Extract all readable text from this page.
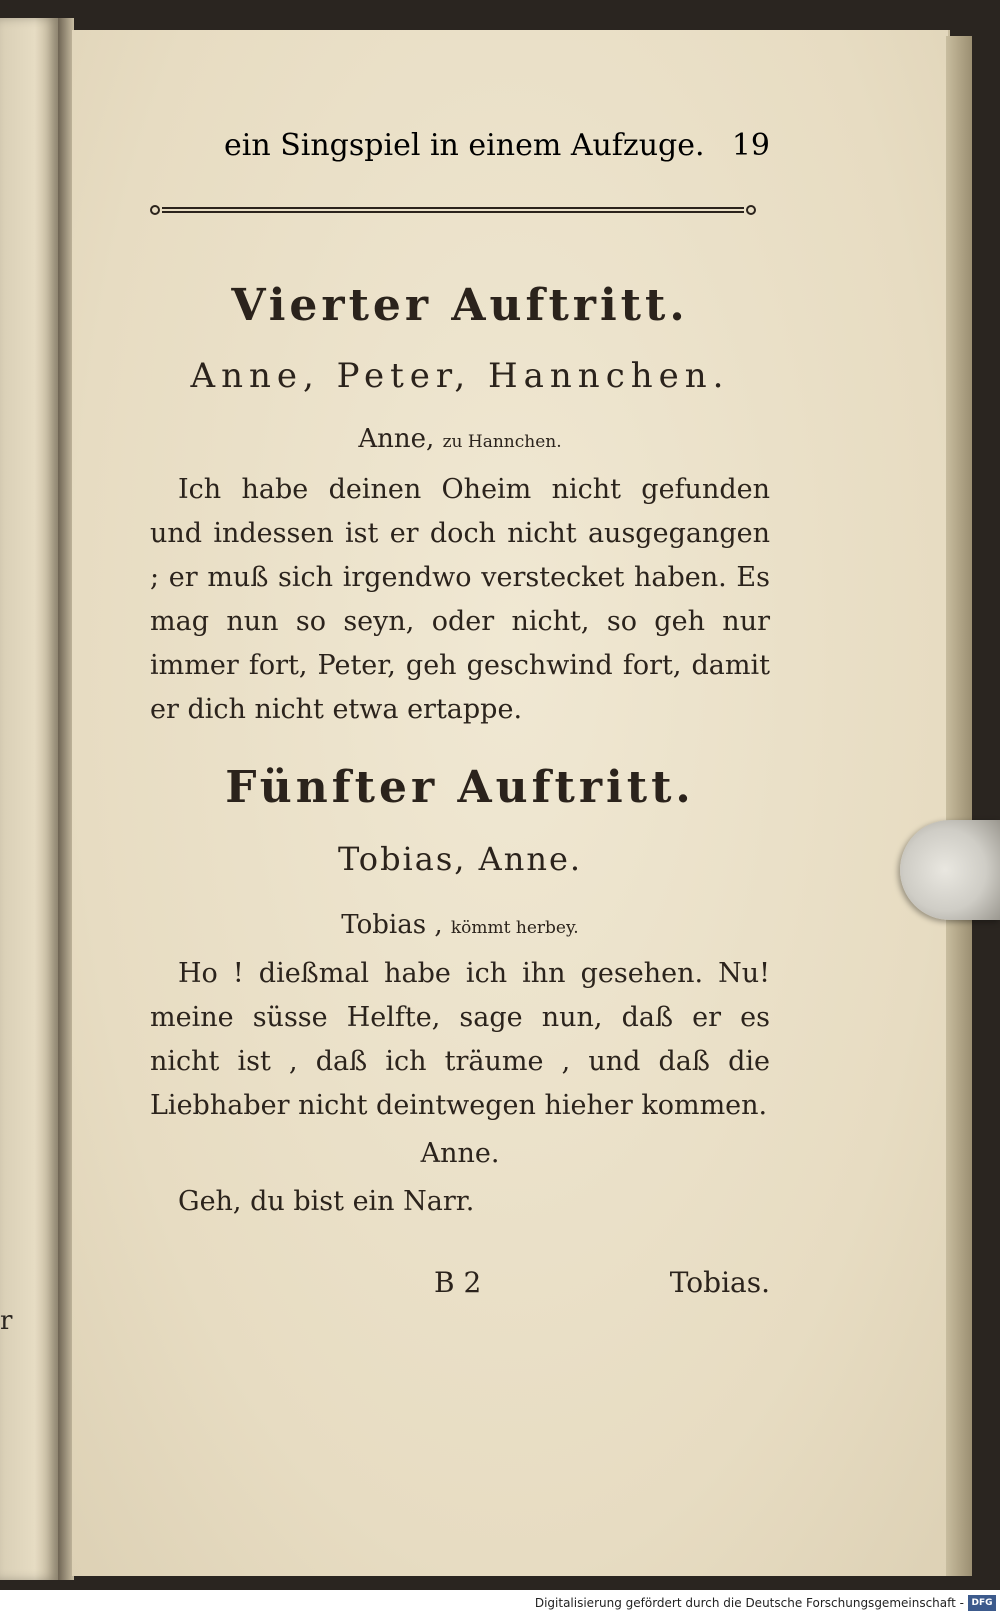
r
ein Singspiel in einem Aufzuge. 19
Vierter Auftritt.
Anne, Peter, Hannchen.
Anne, zu Hannchen.
Ich habe deinen Oheim nicht gefunden und indessen ist er doch nicht ausgegangen ; er muß sich irgendwo verstecket haben. Es mag nun so seyn, oder nicht, so geh nur immer fort, Peter, geh geschwind fort, damit er dich nicht etwa ertappe.
Fünfter Auftritt.
Tobias, Anne.
Tobias , kömmt herbey.
Ho ! dießmal habe ich ihn gesehen. Nu! meine süsse Helfte, sage nun, daß er es nicht ist , daß ich träume , und daß die Liebhaber nicht deintwegen hieher kommen.
Anne.
Geh, du bist ein Narr.
B 2	Tobias.
Digitalisierung gefördert durch die Deutsche Forschungsgemeinschaft - DFG
